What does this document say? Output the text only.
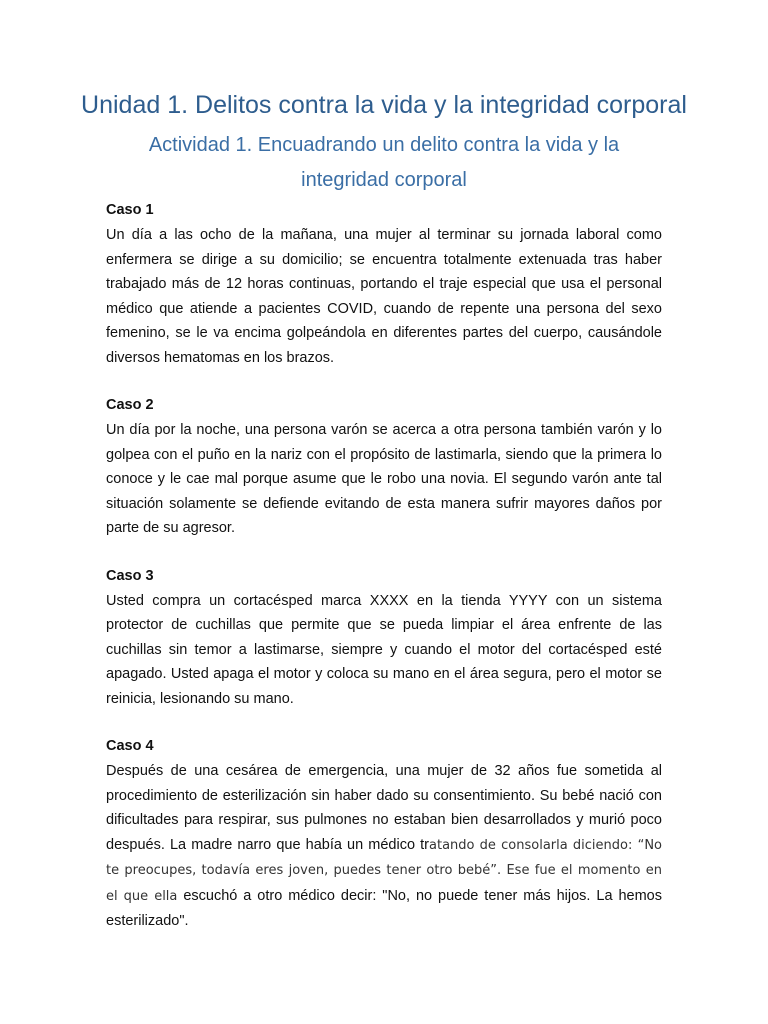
Unidad 1. Delitos contra la vida y la integridad corporal
Actividad 1. Encuadrando un delito contra la vida y la integridad corporal
Caso 1

Un día a las ocho de la mañana, una mujer al terminar su jornada laboral como enfermera se dirige a su domicilio; se encuentra totalmente extenuada tras haber trabajado más de 12 horas continuas, portando el traje especial que usa el personal médico que atiende a pacientes COVID, cuando de repente una persona del sexo femenino, se le va encima golpeándola en diferentes partes del cuerpo, causándole diversos hematomas en los brazos.

Caso 2

Un día por la noche, una persona varón se acerca a otra persona también varón y lo golpea con el puño en la nariz con el propósito de lastimarla, siendo que la primera lo conoce y le cae mal porque asume que le robo una novia. El segundo varón ante tal situación solamente se defiende evitando de esta manera sufrir mayores daños por parte de su agresor.

Caso 3

Usted compra un cortacésped marca XXXX en la tienda YYYY con un sistema protector de cuchillas que permite que se pueda limpiar el área enfrente de las cuchillas sin temor a lastimarse, siempre y cuando el motor del cortacésped esté apagado. Usted apaga el motor y coloca su mano en el área segura, pero el motor se reinicia, lesionando su mano.

Caso 4

Después de una cesárea de emergencia, una mujer de 32 años fue sometida al procedimiento de esterilización sin haber dado su consentimiento. Su bebé nació con dificultades para respirar, sus pulmones no estaban bien desarrollados y murió poco después. La madre narro que había un médico tratando de consolarla diciendo: “No te preocupes, todavía eres joven, puedes tener otro bebé”. Ese fue el momento en el que ella escuchó a otro médico decir: "No, no puede tener más hijos. La hemos esterilizado".
